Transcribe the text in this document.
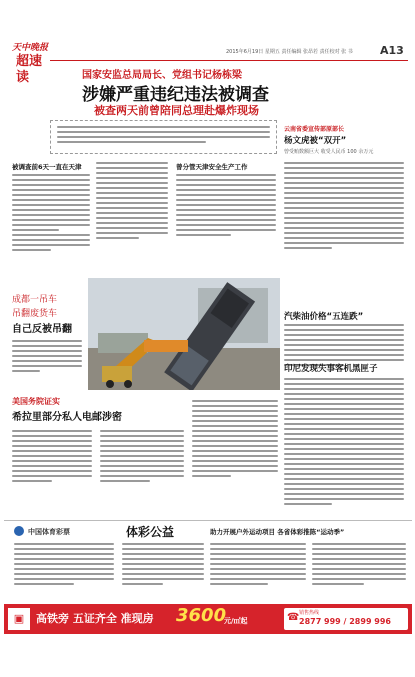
天中晚报
超速读
2015年6月19日 星期五 责任编辑 张昂若 责任校对 张 书 A13
国家安监总局局长、党组书记杨栋梁
涉嫌严重违纪违法被调查
被查两天前曾陪同总理赴爆炸现场
被调查前6天一直在天津	曾分管天津安全生产工作
云南省委宣传部原部长
杨文虎被“双开”
曾受贿数额巨大 收受人民币 100 余万元
汽柴油价格“五连跌”
印尼发现失事客机黑匣子
成都一吊车
吊翻废货车
自己反被吊翻
美国务院证实
希拉里部分私人电邮涉密
中国体育彩票	体彩公益	助力开展户外运动项目 各省体彩推陈“运动季”
▣	高铁旁 五证齐全 准现房 3600
元/㎡起	☎ 销售热线
2877 999 / 2899 996
